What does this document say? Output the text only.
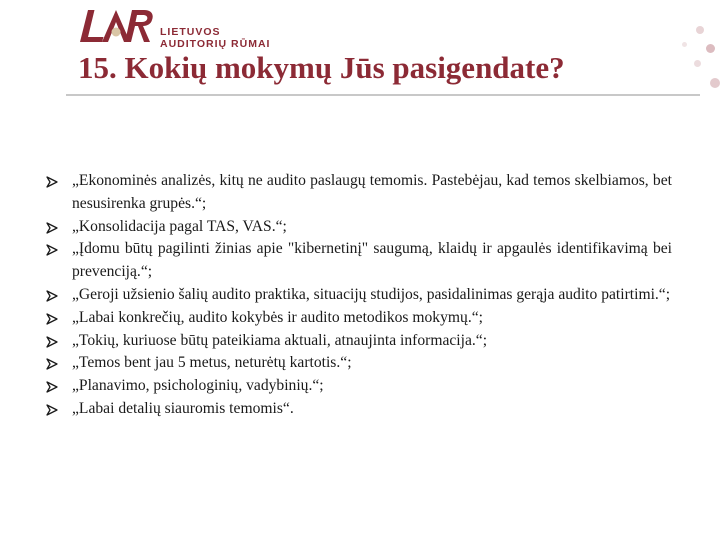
LIETUVOS
AUDITORIŲ RŪMAI
15. Kokių mokymų Jūs pasigendate?
„Ekonominės analizės, kitų ne audito paslaugų temomis. Pastebėjau, kad temos skelbiamos, bet nesusirenka grupės.“;
„Konsolidacija pagal TAS, VAS.“;
„Įdomu būtų pagilinti žinias apie "kibernetinį" saugumą, klaidų ir apgaulės identifikavimą bei prevenciją.“;
„Geroji užsienio šalių audito praktika, situacijų studijos, pasidalinimas gerąja audito patirtimi.“;
„Labai konkrečių, audito kokybės ir audito metodikos mokymų.“;
„Tokių, kuriuose būtų pateikiama aktuali, atnaujinta informacija.“;
„Temos bent jau 5 metus, neturėtų kartotis.“;
„Planavimo, psichologinių, vadybinių.“;
„Labai detalių siauromis temomis“.
